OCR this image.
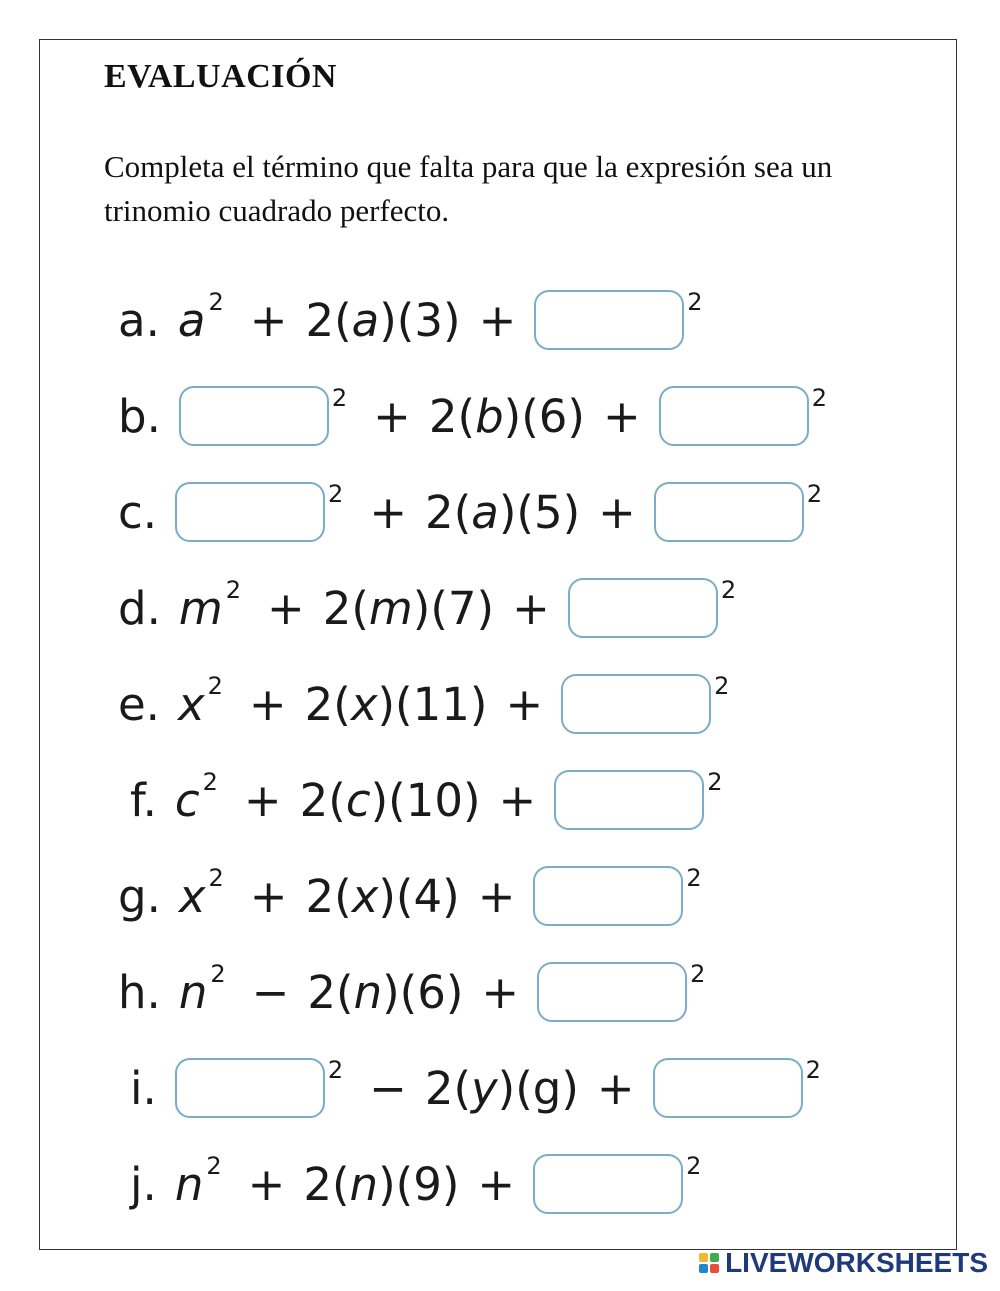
EVALUACIÓN

Completa el término que falta para que la expresión sea un trinomio cuadrado perfecto.

a. a 2 + 2 ( a )( 3 ) +	2
b.	2 + 2 ( b )( 6 ) +	2
c.	2 + 2 ( a )( 5 ) +	2
d. m 2 + 2 ( m )( 7 ) +	2
e. x 2 + 2 ( x )( 11 ) +	2
f. c 2 + 2 ( c )( 10 ) +	2
g. x 2 + 2 ( x )( 4 ) +	2
h. n 2 − 2 ( n )( 6 ) +	2
i.	2 − 2 ( y )( g ) +	2
j. n 2 + 2 ( n )( 9 ) +	2
LIVEWORKSHEETS
